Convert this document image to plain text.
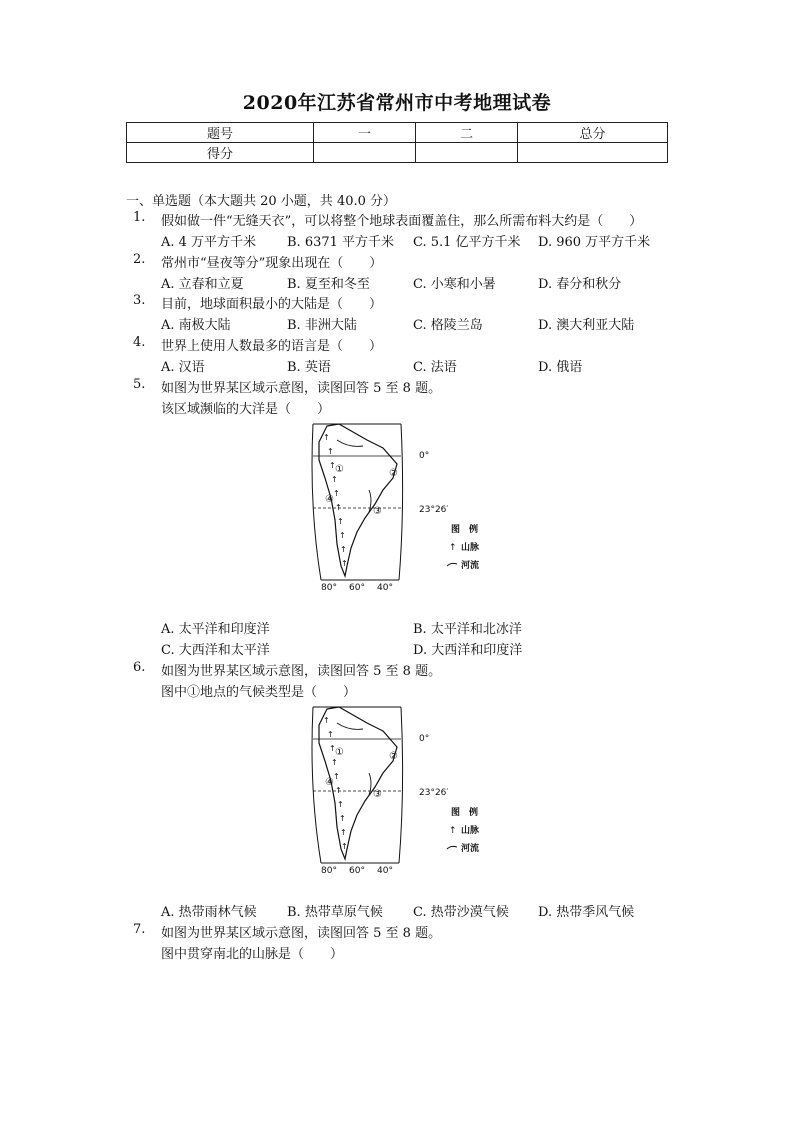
2020年江苏省常州市中考地理试卷
题号	一	二	总分
得分			
一、单选题（本大题共 20 小题，共 40.0 分）
1. 假如做一件“无缝天衣”，可以将整个地球表面覆盖住，那么所需布料大约是（　　）
A. 4 万平方千米 B. 6371 平方千米 C. 5.1 亿平方千米 D. 960 万平方千米
2. 常州市“昼夜等分”现象出现在（　　）
A. 立春和立夏	B. 夏至和冬至	C. 小寒和小暑	D. 春分和秋分
3. 目前，地球面积最小的大陆是（　　）
A. 南极大陆	B. 非洲大陆	C. 格陵兰岛	D. 澳大利亚大陆
4. 世界上使用人数最多的语言是（　　）
A. 汉语	B. 英语	C. 法语	D. 俄语
5. 如图为世界某区域示意图，读图回答 5 至 8 题。
该区域濒临的大洋是（　　）
↑
↑
↑
↑
↑
↑
↑
↑
↑
↑
①	②
③
④
0°
23°26′
图　例
↑ 山脉
河流
80° 60° 40°
A. 太平洋和印度洋	B. 太平洋和北冰洋
C. 大西洋和太平洋	D. 大西洋和印度洋
6. 如图为世界某区域示意图，读图回答 5 至 8 题。
图中①地点的气候类型是（　　）
↑
↑
↑
↑
↑
↑
↑
↑
↑
↑
①	②
③
④
0°
23°26′
图　例
↑ 山脉
河流
80° 60° 40°
A. 热带雨林气候 B. 热带草原气候 C. 热带沙漠气候 D. 热带季风气候
7. 如图为世界某区域示意图，读图回答 5 至 8 题。
图中贯穿南北的山脉是（　　）
